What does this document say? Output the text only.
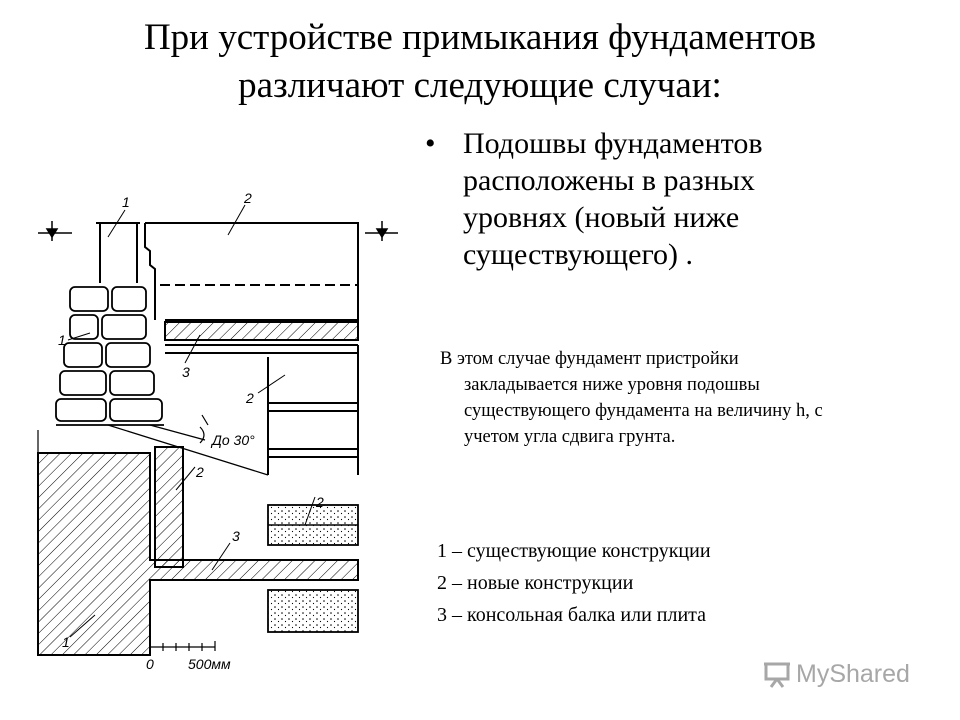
При устройстве примыкания фундаментов
различают следующие случаи:
• Подошвы фундаментов
расположены в разных
уровнях (новый ниже
существующего) .
В этом случае фундамент пристройки
закладывается ниже уровня подошвы
существующего фундамента на величину h, с
учетом угла сдвига грунта.
1 – существующие конструкции
2 – новые конструкции
3 – консольная балка или плита
1	2
1
3
2
До 30°
2
2
3
1
0 500мм	MyShared
